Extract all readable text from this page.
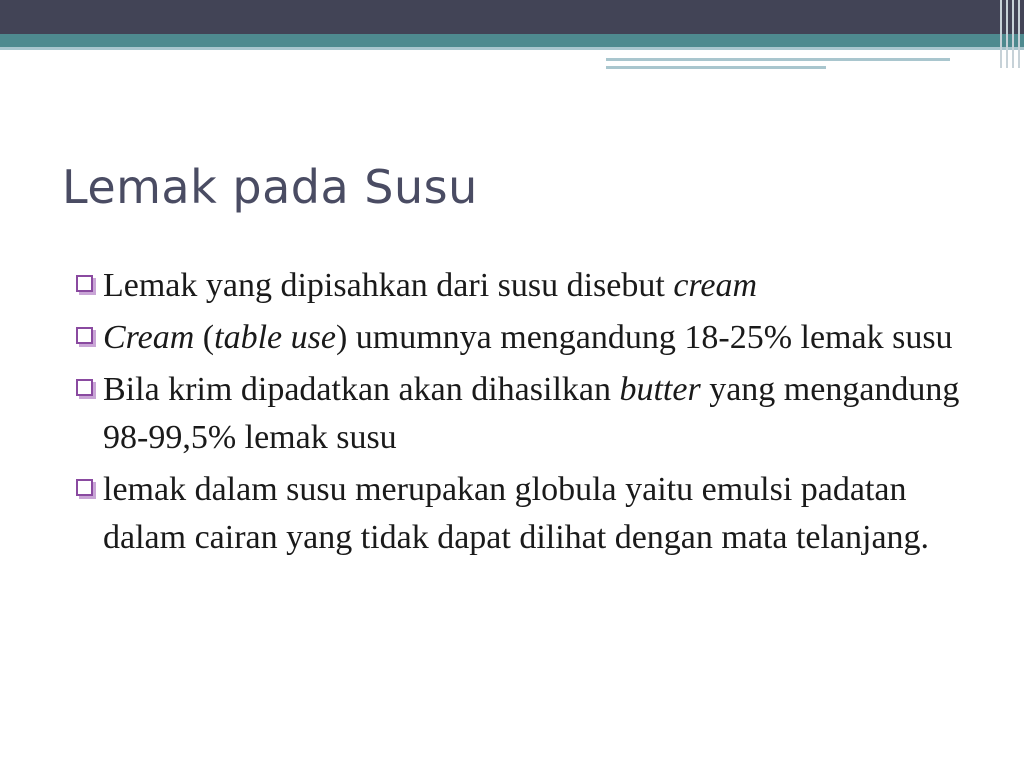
Lemak pada Susu
Lemak yang dipisahkan dari susu disebut cream
Cream (table use) umumnya mengandung 18-25% lemak susu
Bila krim dipadatkan akan dihasilkan butter yang mengandung 98-99,5% lemak susu
lemak dalam susu merupakan globula yaitu emulsi padatan dalam cairan yang tidak dapat dilihat dengan mata telanjang.
